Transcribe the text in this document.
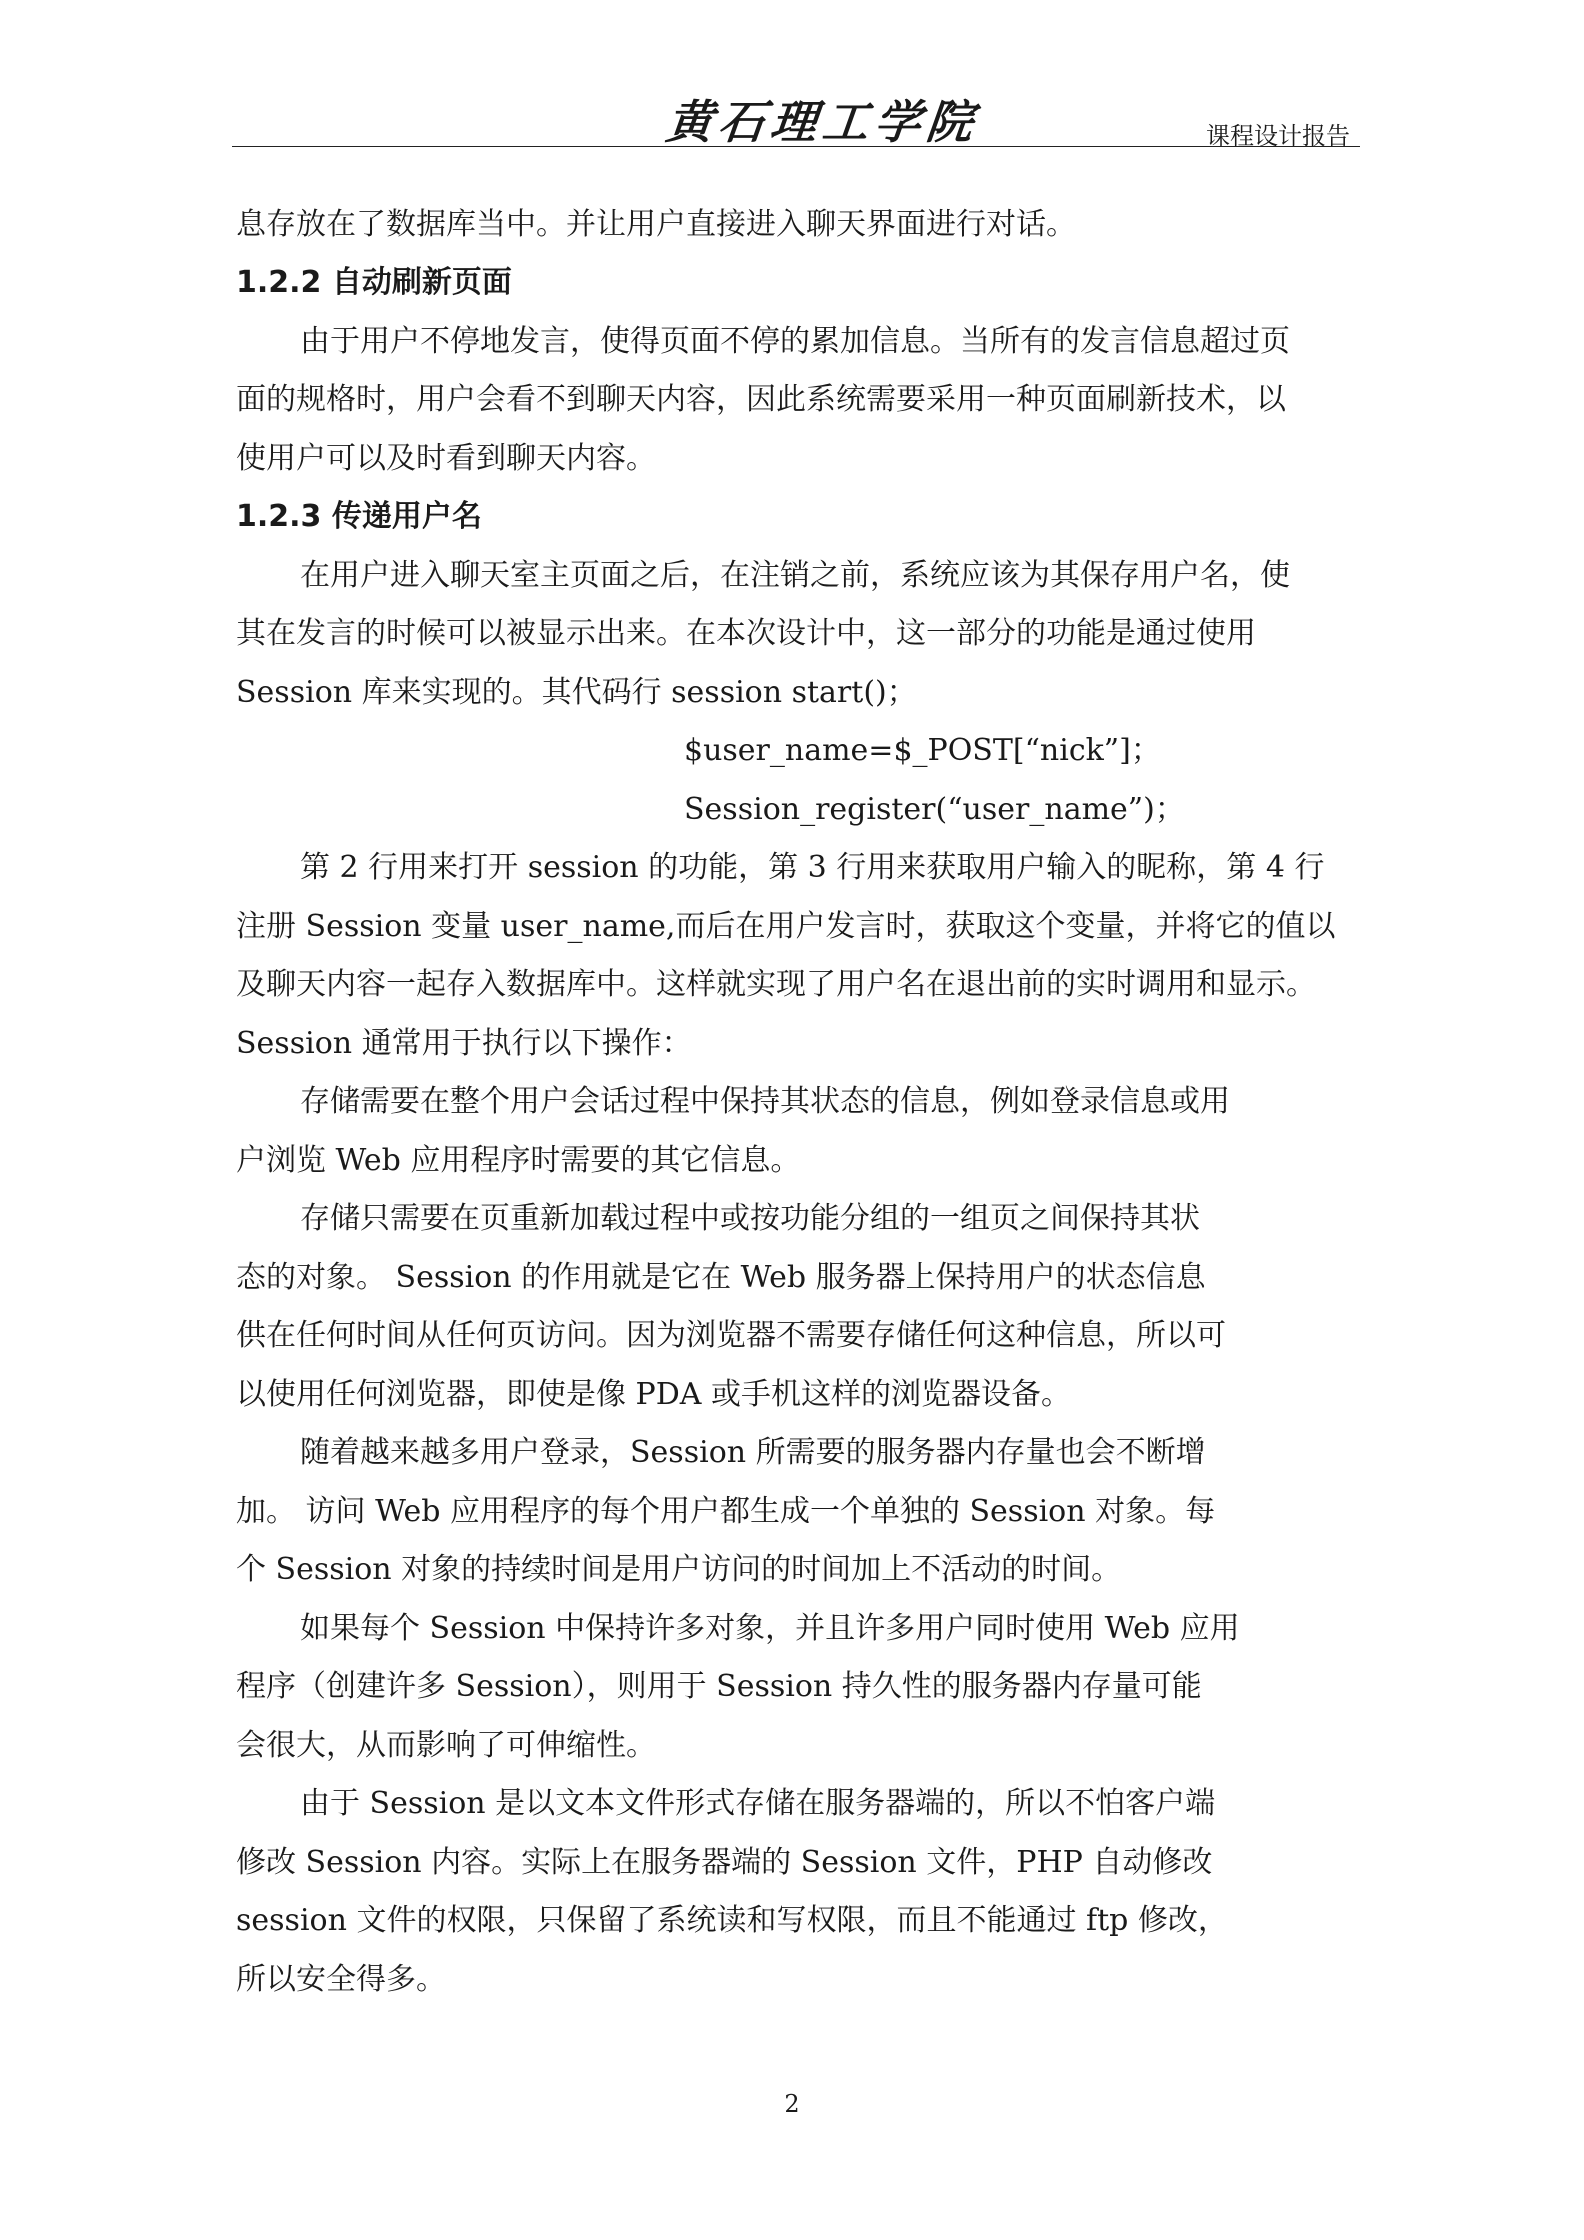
黄石理工学院	课程设计报告
息存放在了数据库当中。并让用户直接进入聊天界面进行对话。
1.2.2 自动刷新页面
由于用户不停地发言，使得页面不停的累加信息。当所有的发言信息超过页
面的规格时，用户会看不到聊天内容，因此系统需要采用一种页面刷新技术，以
使用户可以及时看到聊天内容。
1.2.3 传递用户名
在用户进入聊天室主页面之后，在注销之前，系统应该为其保存用户名，使
其在发言的时候可以被显示出来。在本次设计中，这一部分的功能是通过使用
Session 库来实现的。其代码行 session start()；
$user_name=$_POST[“nick”]；
Session_register(“user_name”)；
第 2 行用来打开 session 的功能，第 3 行用来获取用户输入的昵称，第 4 行
注册 Session 变量 user_name,而后在用户发言时，获取这个变量，并将它的值以
及聊天内容一起存入数据库中。这样就实现了用户名在退出前的实时调用和显示。
Session 通常用于执行以下操作：
存储需要在整个用户会话过程中保持其状态的信息，例如登录信息或用
户浏览 Web 应用程序时需要的其它信息。
存储只需要在页重新加载过程中或按功能分组的一组页之间保持其状
态的对象。 Session 的作用就是它在 Web 服务器上保持用户的状态信息
供在任何时间从任何页访问。因为浏览器不需要存储任何这种信息，所以可
以使用任何浏览器，即使是像 PDA 或手机这样的浏览器设备。
随着越来越多用户登录，Session 所需要的服务器内存量也会不断增
加。 访问 Web 应用程序的每个用户都生成一个单独的 Session 对象。每
个 Session 对象的持续时间是用户访问的时间加上不活动的时间。
如果每个 Session 中保持许多对象，并且许多用户同时使用 Web 应用
程序（创建许多 Session），则用于 Session 持久性的服务器内存量可能
会很大，从而影响了可伸缩性。
由于 Session 是以文本文件形式存储在服务器端的，所以不怕客户端
修改 Session 内容。实际上在服务器端的 Session 文件，PHP 自动修改
session 文件的权限，只保留了系统读和写权限，而且不能通过 ftp 修改，
所以安全得多。
2
